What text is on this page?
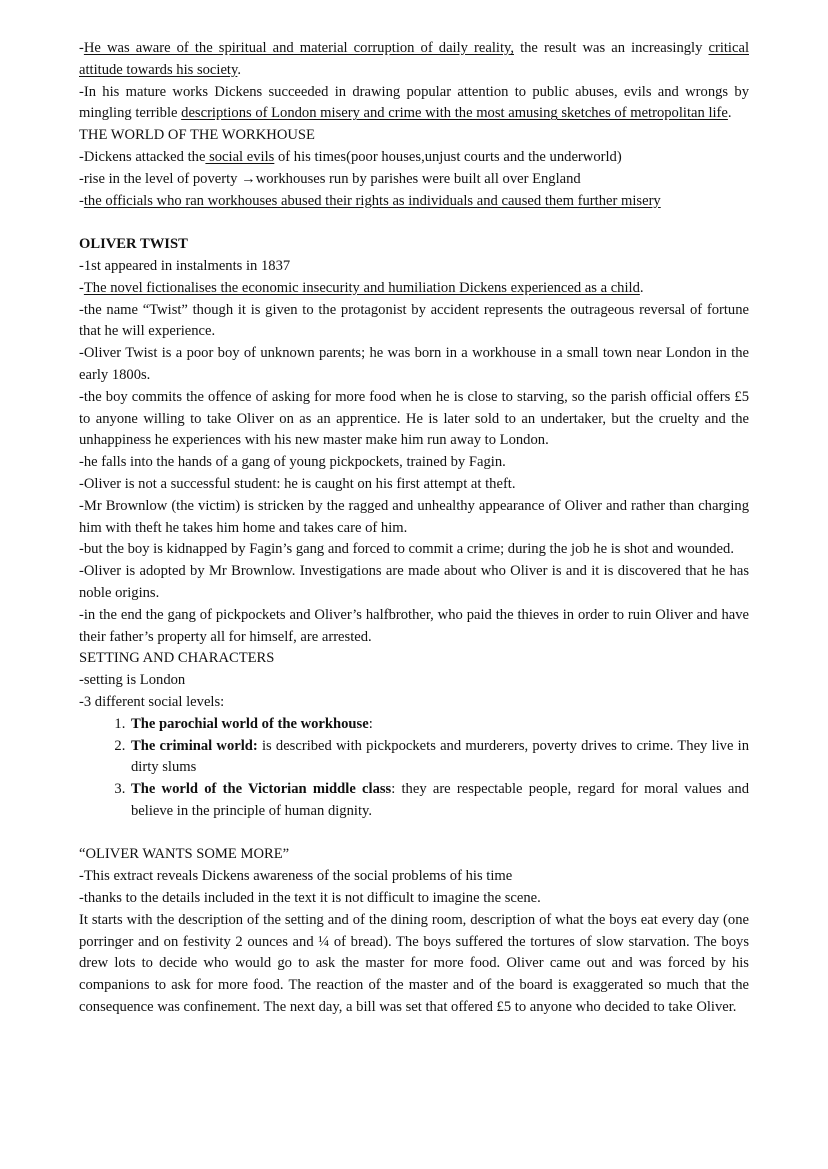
-He was aware of the spiritual and material corruption of daily reality, the result was an increasingly critical attitude towards his society.

-In his mature works Dickens succeeded in drawing popular attention to public abuses, evils and wrongs by mingling terrible descriptions of London misery and crime with the most amusing sketches of metropolitan life.

THE WORLD OF THE WORKHOUSE

-Dickens attacked the social evils of his times(poor houses,unjust courts and the underworld)

-rise in the level of poverty →workhouses run by parishes were built all over England

-the officials who ran workhouses abused their rights as individuals and caused them further misery

OLIVER TWIST

-1st appeared in instalments in 1837

-The novel fictionalises the economic insecurity and humiliation Dickens experienced as a child.

-the name “Twist” though it is given to the protagonist by accident represents the outrageous reversal of fortune that he will experience.

-Oliver Twist is a poor boy of unknown parents; he was born in a workhouse in a small town near London in the early 1800s.

-the boy commits the offence of asking for more food when he is close to starving, so the parish official offers £5 to anyone willing to take Oliver on as an apprentice. He is later sold to an undertaker, but the cruelty and the unhappiness he experiences with his new master make him run away to London.

-he falls into the hands of a gang of young pickpockets, trained by Fagin.

-Oliver is not a successful student: he is caught on his first attempt at theft.

-Mr Brownlow (the victim) is stricken by the ragged and unhealthy appearance of Oliver and rather than charging him with theft he takes him home and takes care of him.

-but the boy is kidnapped by Fagin’s gang and forced to commit a crime; during the job he is shot and wounded.

-Oliver is adopted by Mr Brownlow. Investigations are made about who Oliver is and it is discovered that he has noble origins.

-in the end the gang of pickpockets and Oliver’s halfbrother, who paid the thieves in order to ruin Oliver and have their father’s property all for himself, are arrested.

SETTING AND CHARACTERS

-setting is London

-3 different social levels:

1. The parochial world of the workhouse:
2. The criminal world: is described with pickpockets and murderers, poverty drives to crime. They live in dirty slums
3. The world of the Victorian middle class: they are respectable people, regard for moral values and believe in the principle of human dignity.

“OLIVER WANTS SOME MORE”

-This extract reveals Dickens awareness of the social problems of his time

-thanks to the details included in the text it is not difficult to imagine the scene.

It starts with the description of the setting and of the dining room, description of what the boys eat every day (one porringer and on festivity 2 ounces and ¼ of bread). The boys suffered the tortures of slow starvation. The boys drew lots to decide who would go to ask the master for more food. Oliver came out and was forced by his companions to ask for more food. The reaction of the master and of the board is exaggerated so much that the consequence was confinement. The next day, a bill was set that offered £5 to anyone who decided to take Oliver.
